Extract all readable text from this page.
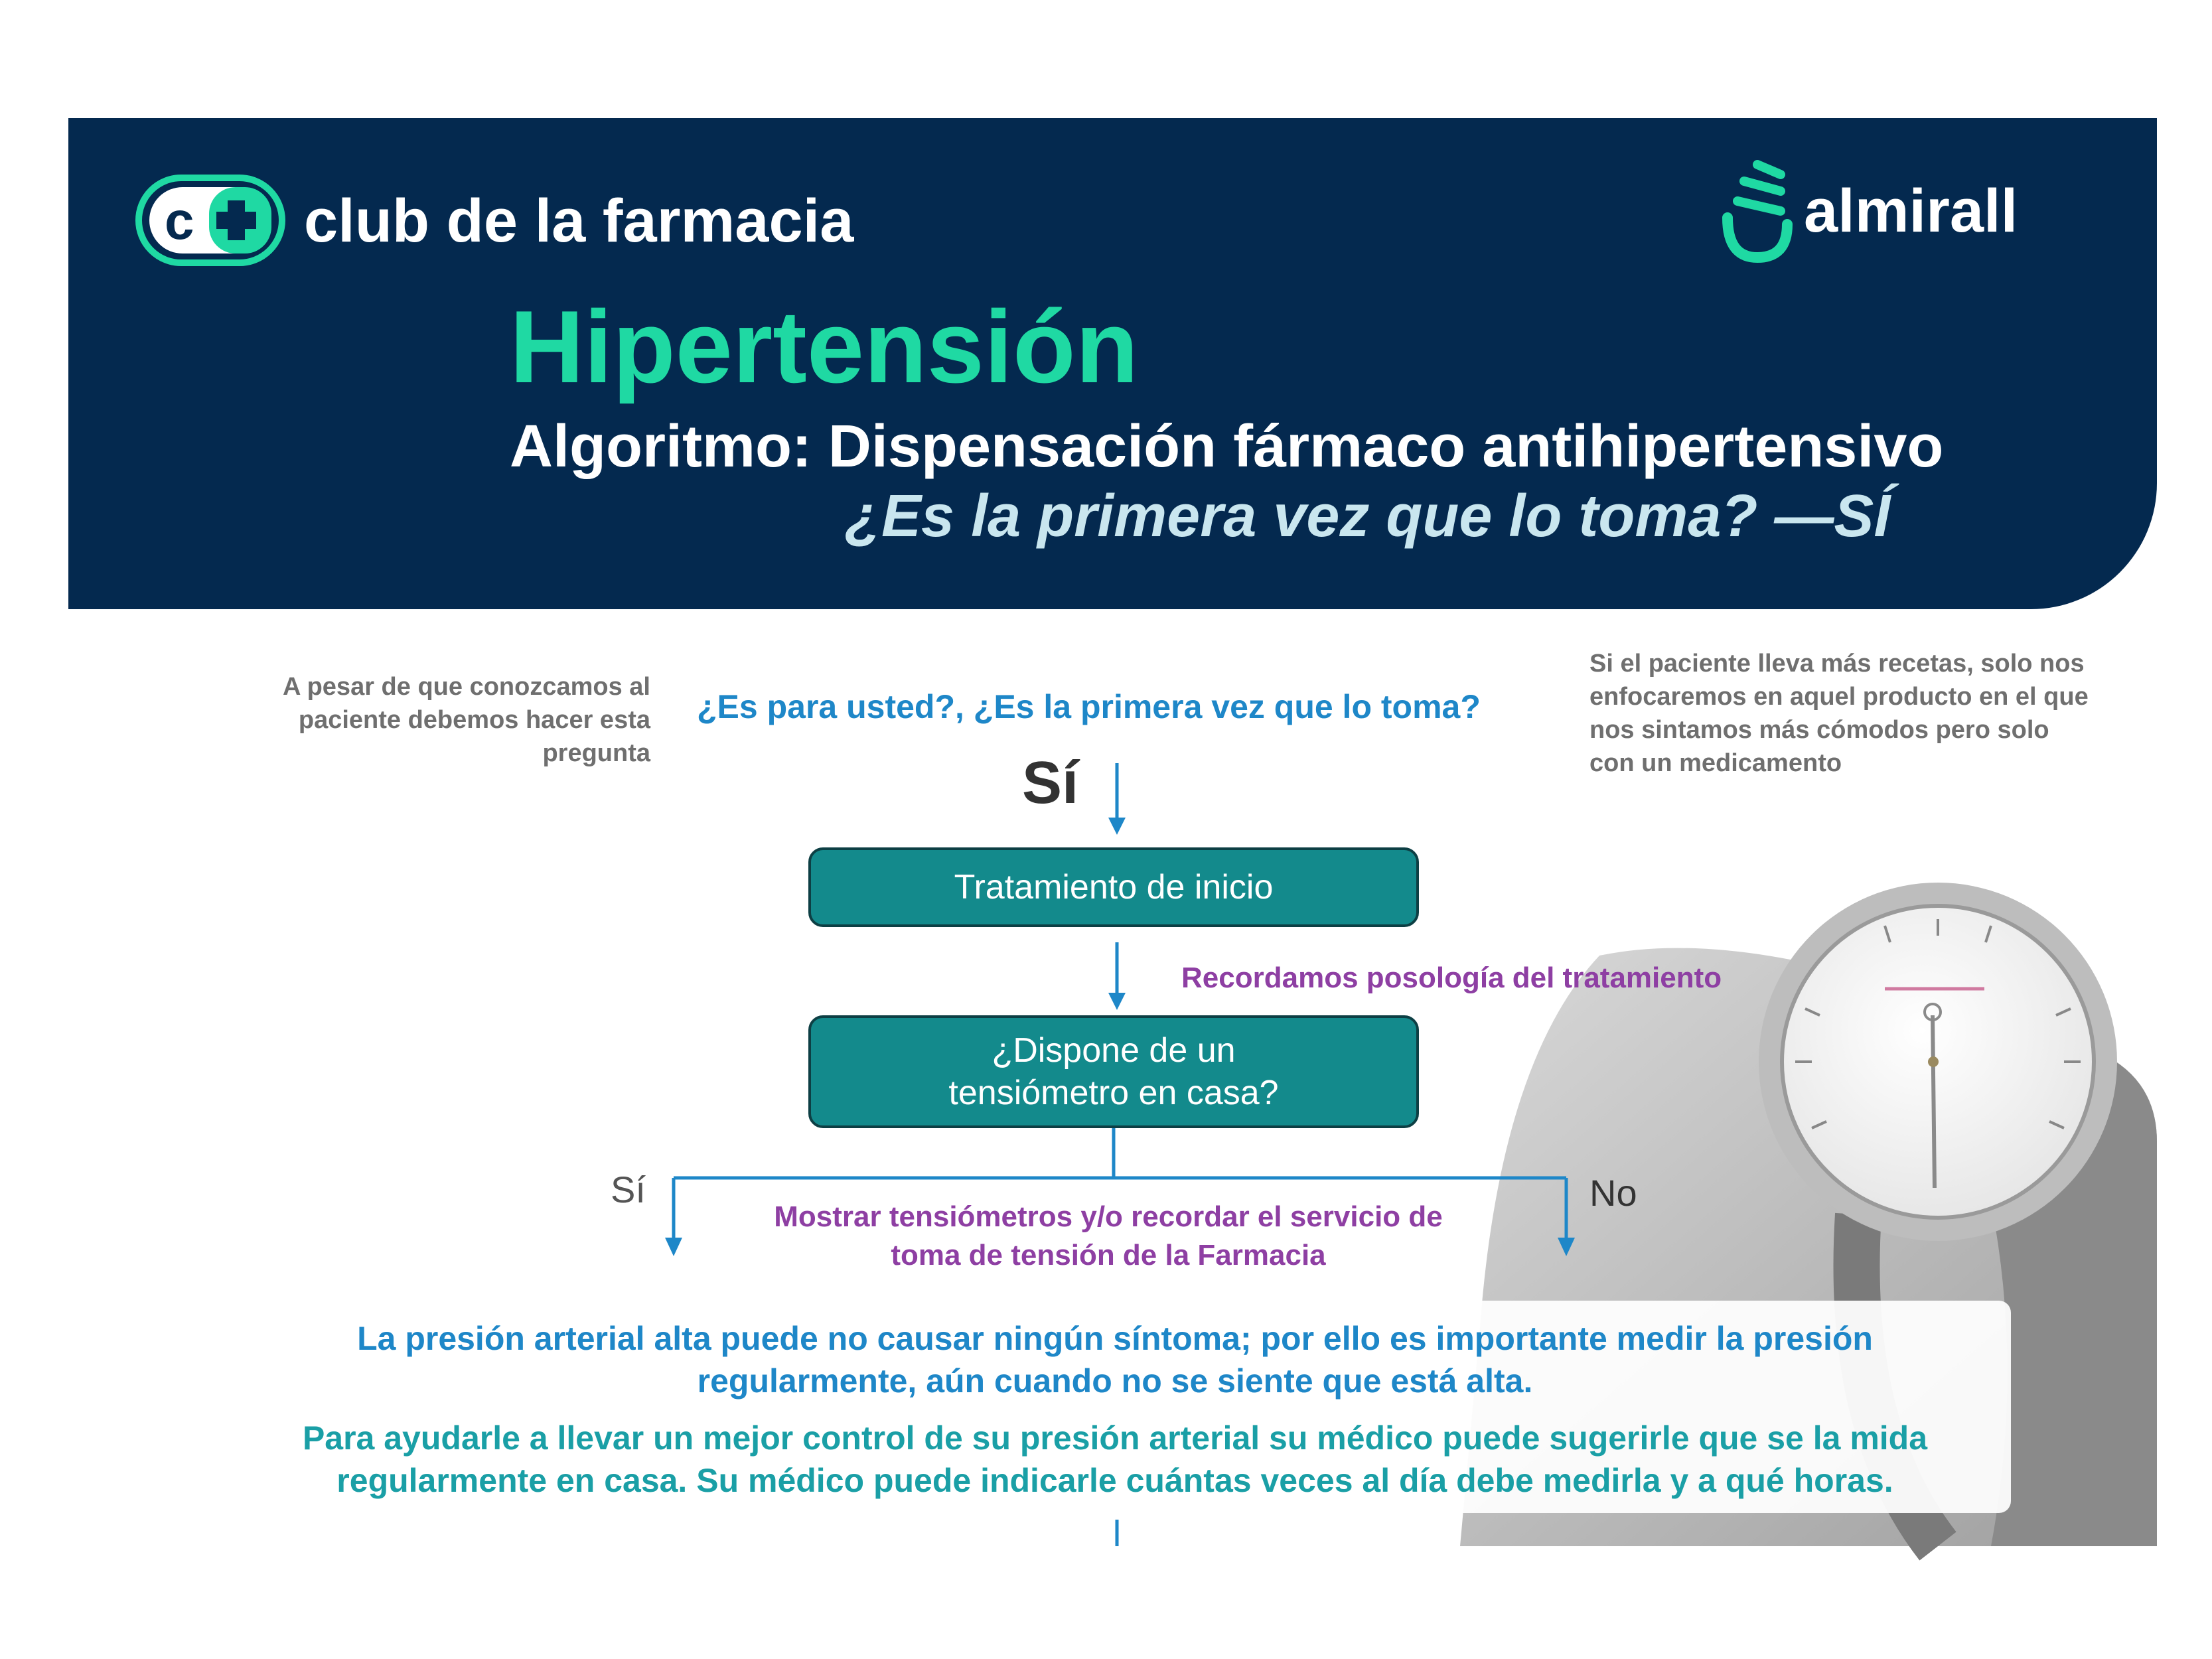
c club de la farmacia	almirall
Hipertensión
Algoritmo: Dispensación fármaco antihipertensivo
¿Es la primera vez que lo toma? —SÍ
A pesar de que conozcamos al paciente debemos hacer esta pregunta
Si el paciente lleva más recetas, solo nos enfocaremos en aquel producto en el que nos sintamos más cómodos pero solo con un medicamento
¿Es para usted?, ¿Es la primera vez que lo toma?
Sí
Tratamiento de inicio
Recordamos posología del tratamiento
¿Dispone de un tensiómetro en casa?
Sí	No
Mostrar tensiómetros y/o recordar el servicio de toma de tensión de la Farmacia
La presión arterial alta puede no causar ningún síntoma; por ello es importante medir la presión regularmente, aún cuando no se siente que está alta.
Para ayudarle a llevar un mejor control de su presión arterial su médico puede sugerirle que se la mida regularmente en casa. Su médico puede indicarle cuántas veces al día debe medirla y a qué horas.
